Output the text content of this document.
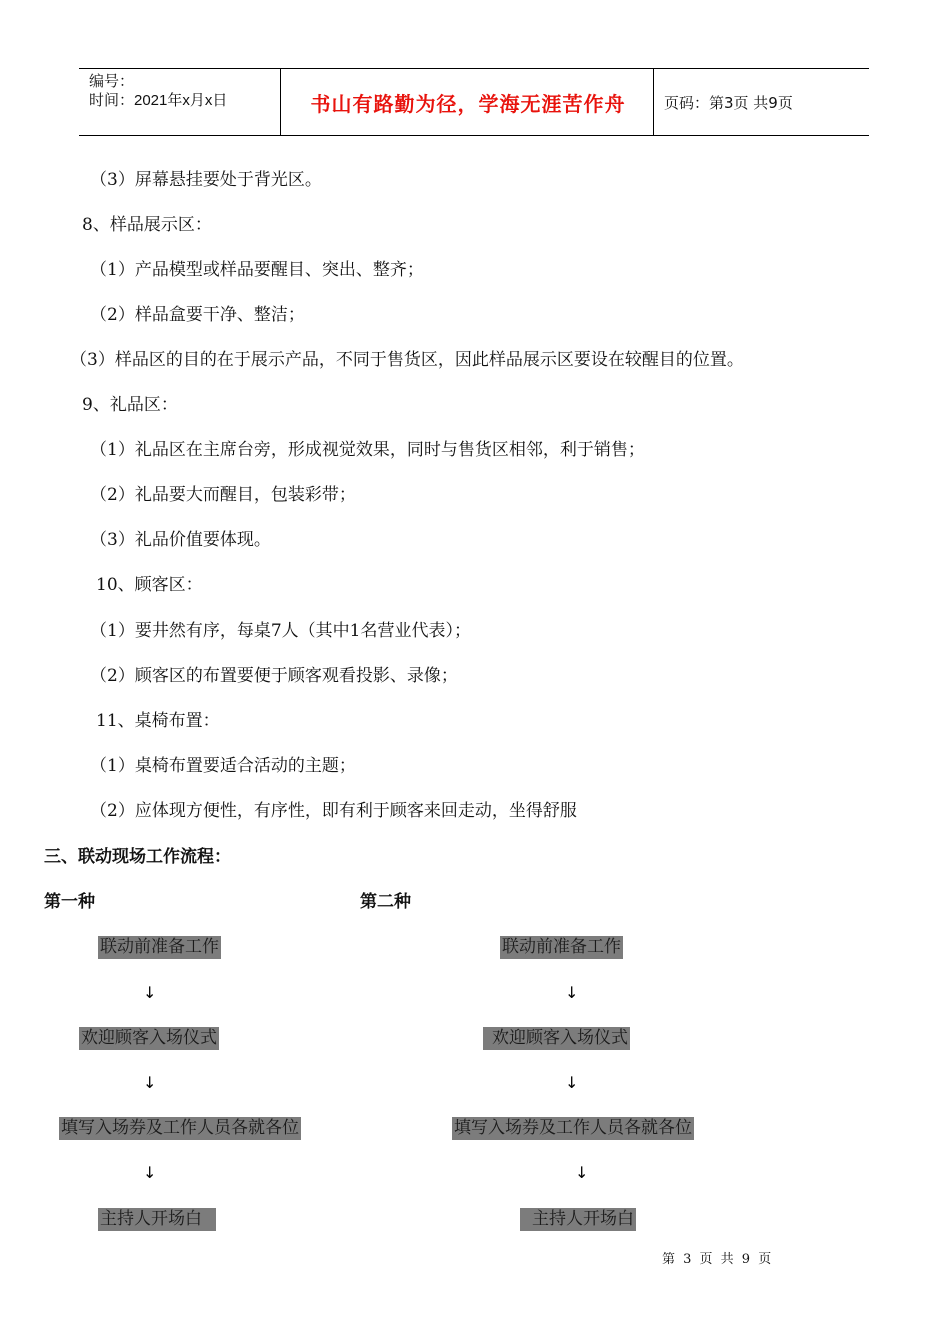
编号：
时间：2021年x月x日	书山有路勤为径，学海无涯苦作舟	页码：第3页 共9页
（3）屏幕悬挂要处于背光区。
8、样品展示区：
（1）产品模型或样品要醒目、突出、整齐；
（2）样品盒要干净、整洁；
（3）样品区的目的在于展示产品，不同于售货区，因此样品展示区要设在较醒目的位置。
9、礼品区：
（1）礼品区在主席台旁，形成视觉效果，同时与售货区相邻，利于销售；
（2）礼品要大而醒目，包装彩带；
（3）礼品价值要体现。
10、顾客区：
（1）要井然有序，每桌7人（其中1名营业代表）；
（2）顾客区的布置要便于顾客观看投影、录像；
11、桌椅布置：
（1）桌椅布置要适合活动的主题；
（2）应体现方便性，有序性，即有利于顾客来回走动，坐得舒服
三、联动现场工作流程：
第一种	第二种
联动前准备工作
↓
欢迎顾客入场仪式
↓
填写入场券及工作人员各就各位
↓
主持人开场白
联动前准备工作
↓
欢迎顾客入场仪式
↓
填写入场券及工作人员各就各位
↓
主持人开场白
第 3 页 共 9 页
